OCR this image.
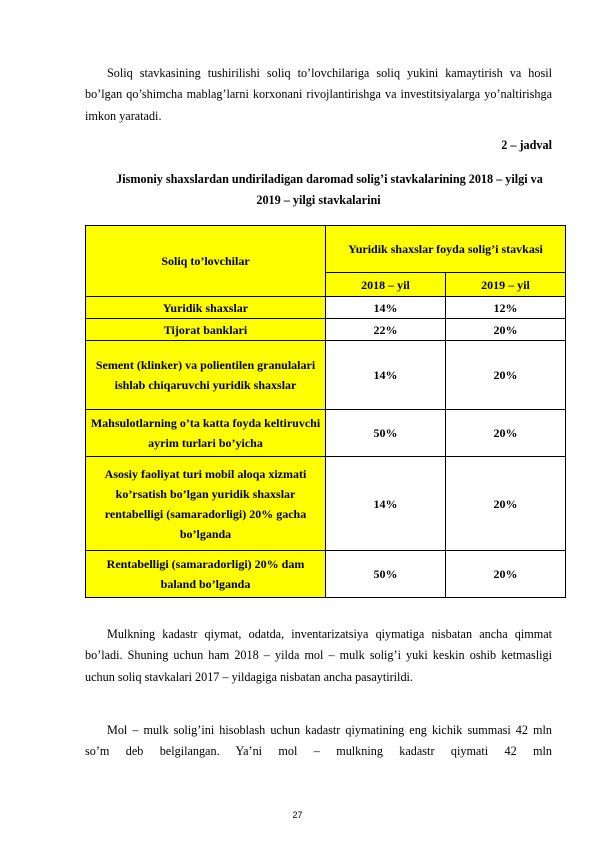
Soliq stavkasining tushirilishi soliq to’lovchilariga soliq yukini kamaytirish va hosil bo’lgan qo’shimcha mablag’larni korxonani rivojlantirishga va investitsiyalarga yo’naltirishga imkon yaratadi.

2 – jadval

Jismoniy shaxslardan undiriladigan daromad solig’i stavkalarining 2018 – yilgi va 2019 – yilgi stavkalarini

Soliq to’lovchilar	Yuridik shaxslar foyda solig’i stavkasi	
	2018 – yil	2019 – yil
Yuridik shaxslar	14%	12%
Tijorat banklari	22%	20%
Sement (klinker) va polientilen granulalari ishlab chiqaruvchi yuridik shaxslar	14%	20%
Mahsulotlarning o’ta katta foyda keltiruvchi ayrim turlari bo’yicha	50%	20%
Asosiy faoliyat turi mobil aloqa xizmati ko’rsatish bo’lgan yuridik shaxslar rentabelligi (samaradorligi) 20% gacha bo’lganda	14%	20%
Rentabelligi (samaradorligi) 20% dam baland bo’lganda	50%	20%

Mulkning kadastr qiymat, odatda, inventarizatsiya qiymatiga nisbatan ancha qimmat bo’ladi. Shuning uchun ham 2018 – yilda mol – mulk solig’i yuki keskin oshib ketmasligi uchun soliq stavkalari 2017 – yildagiga nisbatan ancha pasaytirildi.

Mol – mulk solig’ini hisoblash uchun kadastr qiymatining eng kichik summasi 42 mln so’m deb belgilangan. Ya’ni mol – mulkning kadastr qiymati 42 mln

27
